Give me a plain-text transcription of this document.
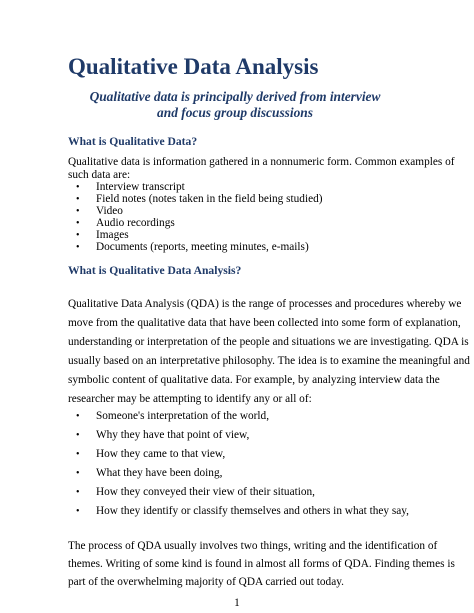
Qualitative Data Analysis
Qualitative data is principally derived from interview
and focus group discussions
What is Qualitative Data?
Qualitative data is information gathered in a nonnumeric form. Common examples of
such data are:
• Interview transcript
• Field notes (notes taken in the field being studied)
• Video
• Audio recordings
• Images
• Documents (reports, meeting minutes, e-mails)
What is Qualitative Data Analysis?
Qualitative Data Analysis (QDA) is the range of processes and procedures whereby we
move from the qualitative data that have been collected into some form of explanation,
understanding or interpretation of the people and situations we are investigating. QDA is
usually based on an interpretative philosophy. The idea is to examine the meaningful and
symbolic content of qualitative data. For example, by analyzing interview data the
researcher may be attempting to identify any or all of:
• Someone's interpretation of the world,
• Why they have that point of view,
• How they came to that view,
• What they have been doing,
• How they conveyed their view of their situation,
• How they identify or classify themselves and others in what they say,
The process of QDA usually involves two things, writing and the identification of
themes. Writing of some kind is found in almost all forms of QDA. Finding themes is
part of the overwhelming majority of QDA carried out today.
1
